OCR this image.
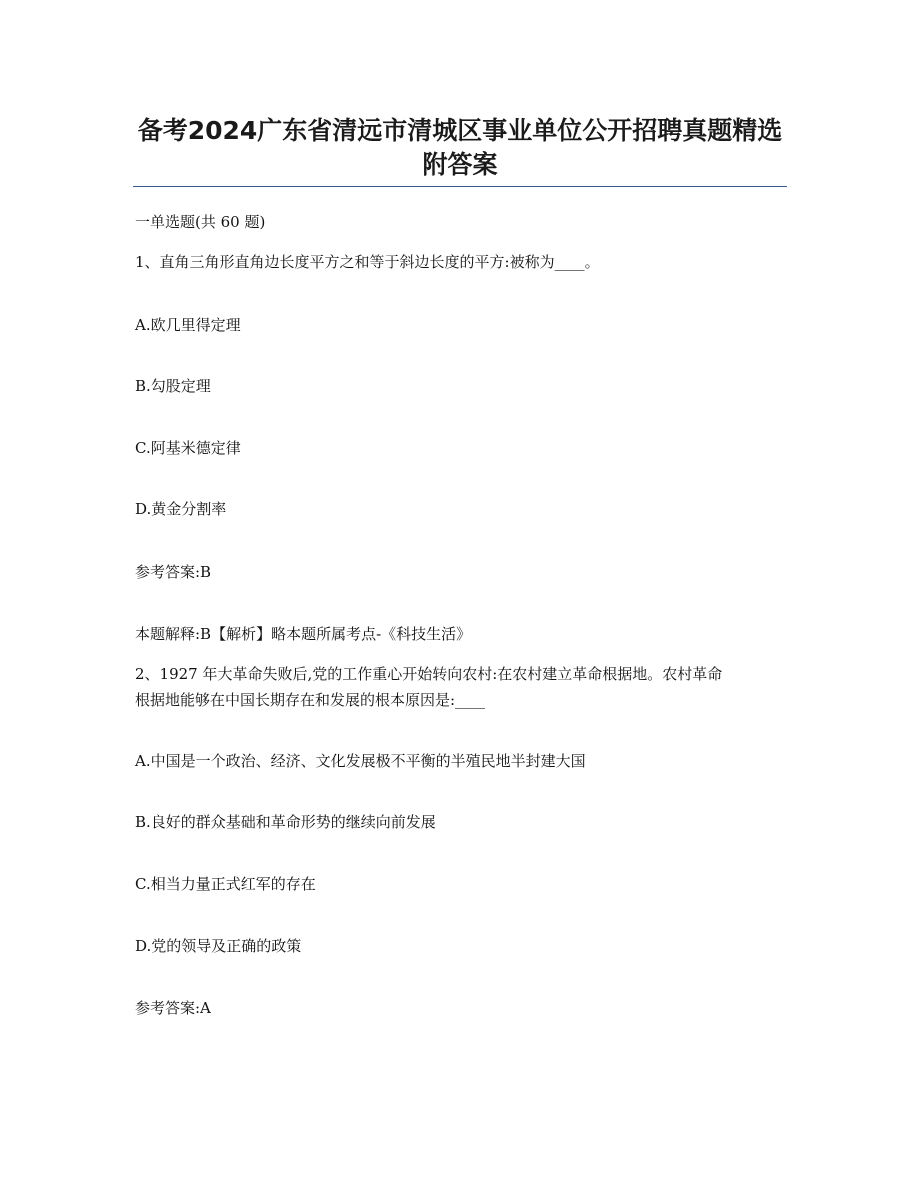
备考2024广东省清远市清城区事业单位公开招聘真题精选
附答案
一单选题(共 60 题)
1、直角三角形直角边长度平方之和等于斜边长度的平方:被称为____。
A.欧几里得定理
B.勾股定理
C.阿基米德定律
D.黄金分割率
参考答案:B
本题解释:B【解析】略本题所属考点-《科技生活》
2、1927 年大革命失败后,党的工作重心开始转向农村:在农村建立革命根据地。农村革命
根据地能够在中国长期存在和发展的根本原因是:____
A.中国是一个政治、经济、文化发展极不平衡的半殖民地半封建大国
B.良好的群众基础和革命形势的继续向前发展
C.相当力量正式红军的存在
D.党的领导及正确的政策
参考答案:A
